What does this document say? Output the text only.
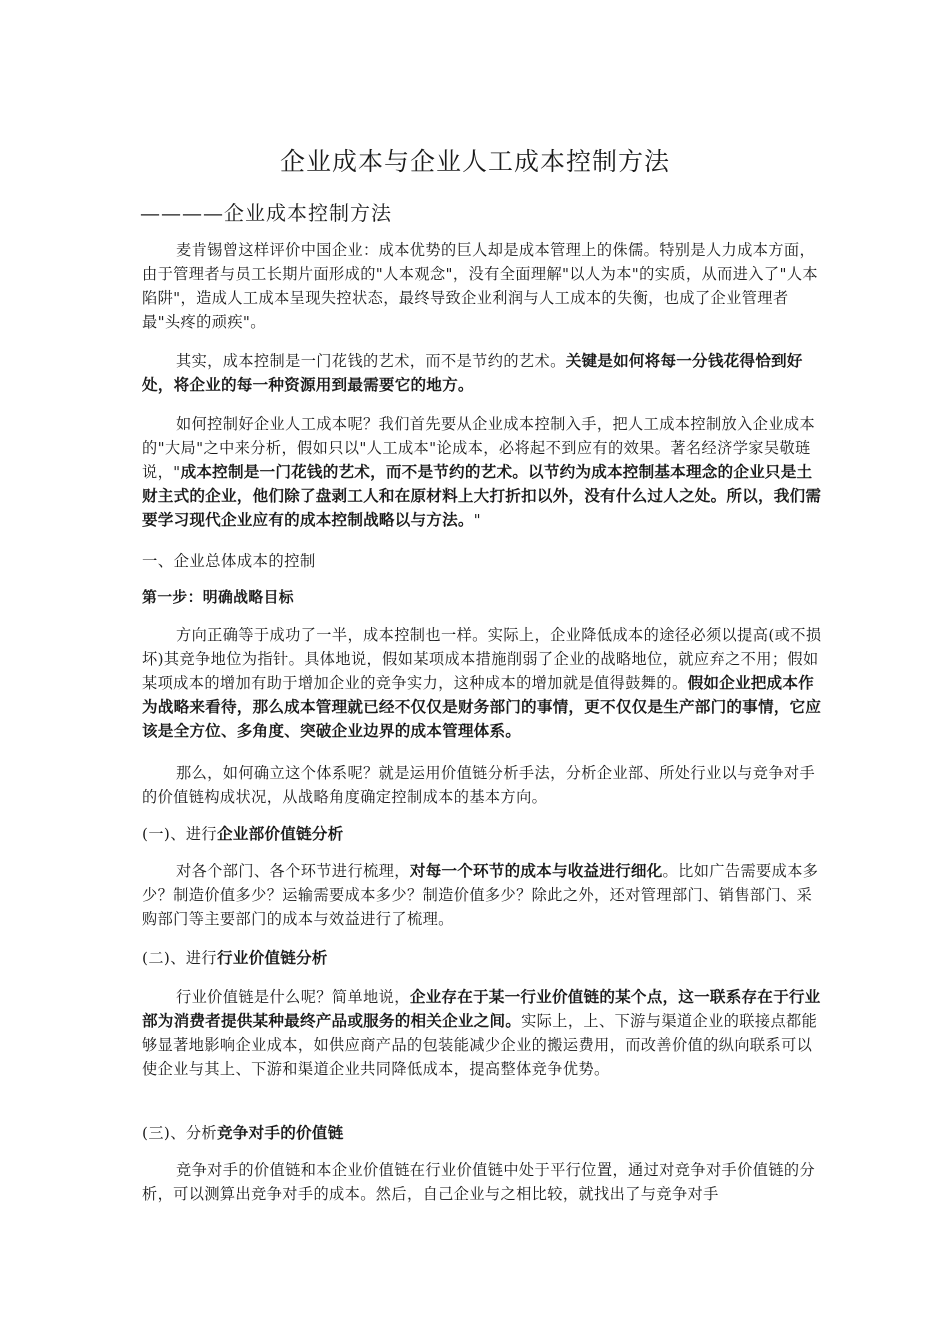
企业成本与企业人工成本控制方法
————企业成本控制方法

麦肯锡曾这样评价中国企业：成本优势的巨人却是成本管理上的侏儒。特别是人力成本方面，由于管理者与员工长期片面形成的"人本观念"，没有全面理解"以人为本"的实质，从而进入了"人本陷阱"，造成人工成本呈现失控状态，最终导致企业利润与人工成本的失衡，也成了企业管理者最"头疼的顽疾"。

其实，成本控制是一门花钱的艺术，而不是节约的艺术。关键是如何将每一分钱花得恰到好处，将企业的每一种资源用到最需要它的地方。

如何控制好企业人工成本呢？我们首先要从企业成本控制入手，把人工成本控制放入企业成本的"大局"之中来分析，假如只以"人工成本"论成本，必将起不到应有的效果。著名经济学家吴敬琏说，"成本控制是一门花钱的艺术，而不是节约的艺术。以节约为成本控制基本理念的企业只是土财主式的企业，他们除了盘剥工人和在原材料上大打折扣以外，没有什么过人之处。所以，我们需要学习现代企业应有的成本控制战略以与方法。"

一、企业总体成本的控制
第一步：明确战略目标

方向正确等于成功了一半，成本控制也一样。实际上，企业降低成本的途径必须以提高(或不损坏)其竞争地位为指针。具体地说，假如某项成本措施削弱了企业的战略地位，就应弃之不用；假如某项成本的增加有助于增加企业的竞争实力，这种成本的增加就是值得鼓舞的。假如企业把成本作为战略来看待，那么成本管理就已经不仅仅是财务部门的事情，更不仅仅是生产部门的事情，它应该是全方位、多角度、突破企业边界的成本管理体系。

那么，如何确立这个体系呢？就是运用价值链分析手法，分析企业部、所处行业以与竞争对手的价值链构成状况，从战略角度确定控制成本的基本方向。

(一)、进行企业部价值链分析

对各个部门、各个环节进行梳理，对每一个环节的成本与收益进行细化。比如广告需要成本多少？制造价值多少？运输需要成本多少？制造价值多少？除此之外，还对管理部门、销售部门、采购部门等主要部门的成本与效益进行了梳理。

(二)、进行行业价值链分析

行业价值链是什么呢？简单地说，企业存在于某一行业价值链的某个点，这一联系存在于行业部为消费者提供某种最终产品或服务的相关企业之间。实际上，上、下游与渠道企业的联接点都能够显著地影响企业成本，如供应商产品的包装能减少企业的搬运费用，而改善价值的纵向联系可以使企业与其上、下游和渠道企业共同降低成本，提高整体竞争优势。

(三)、分析竞争对手的价值链

竞争对手的价值链和本企业价值链在行业价值链中处于平行位置，通过对竞争对手价值链的分析，可以测算出竞争对手的成本。然后，自己企业与之相比较，就找出了与竞争对手
